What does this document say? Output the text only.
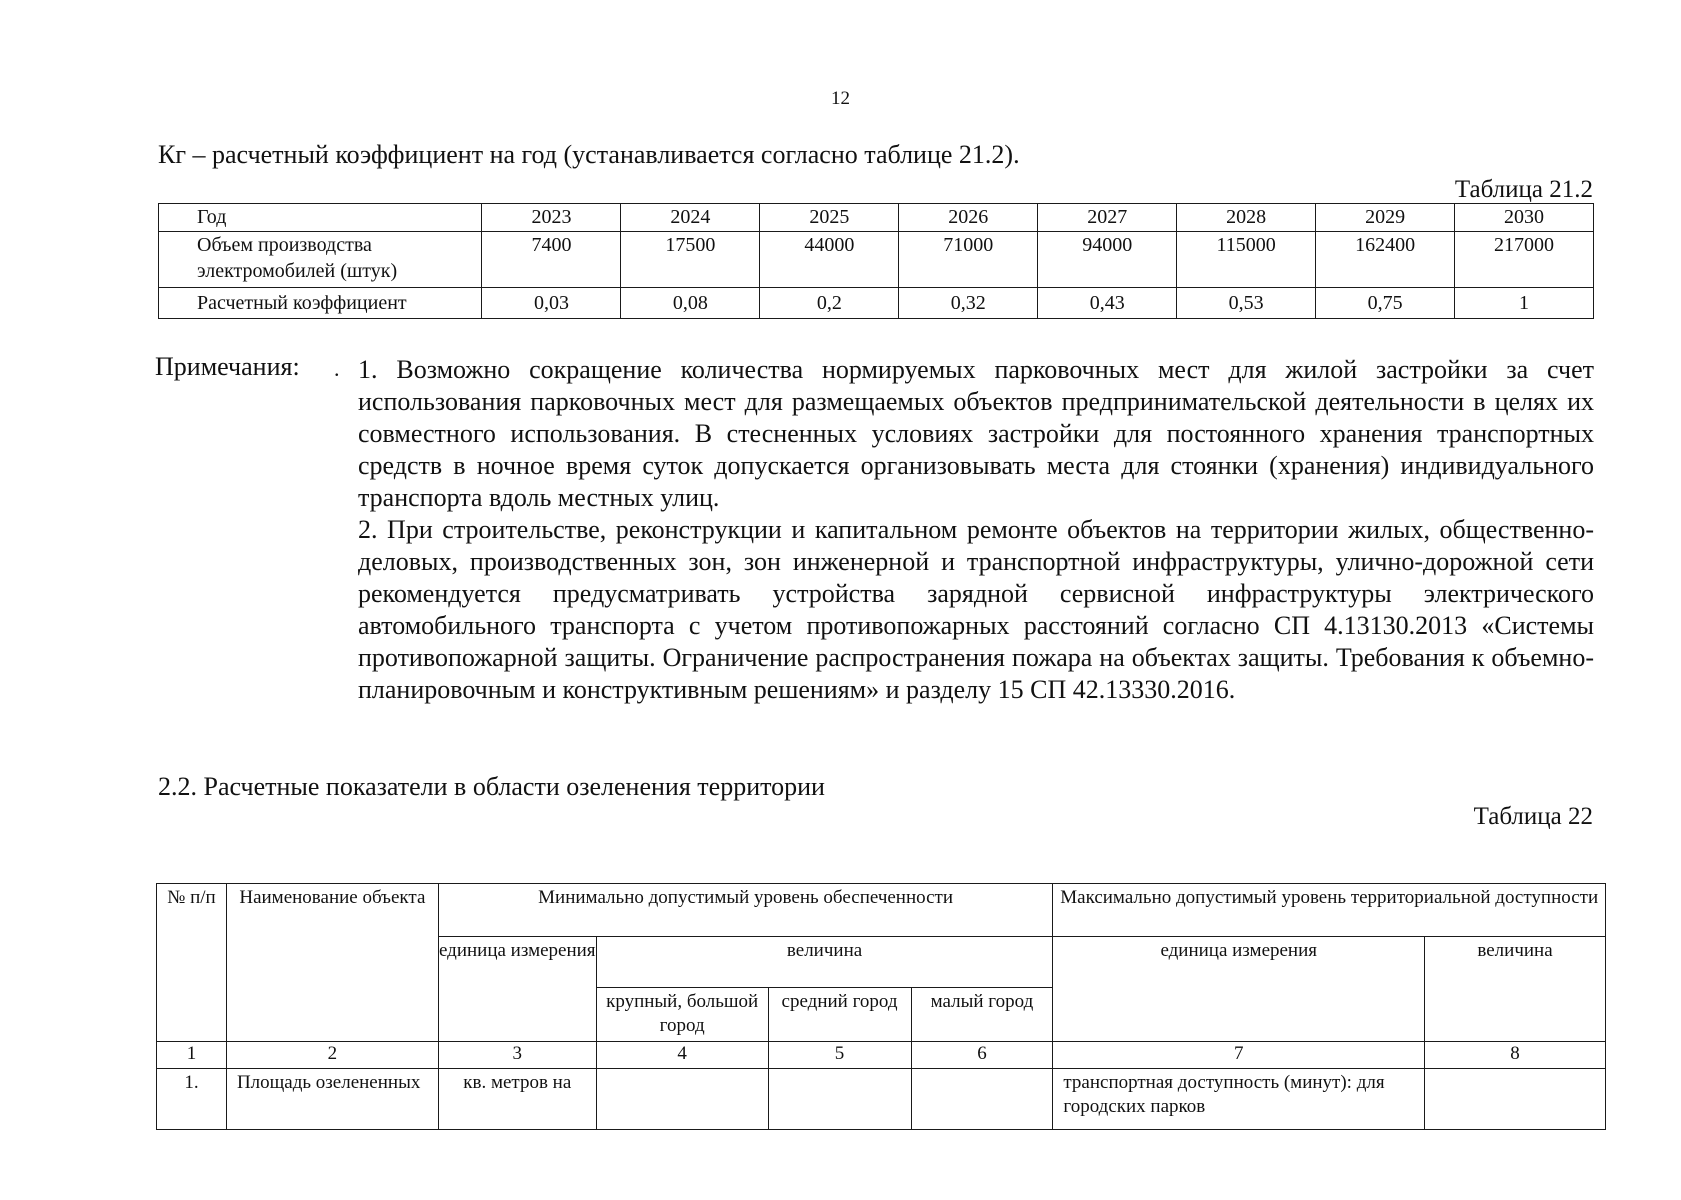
12
Кг – расчетный коэффициент на год (устанавливается согласно таблице 21.2).
Таблица 21.2
Год	2023	2024	2025	2026	2027	2028	2029	2030
Объем производства электромобилей (штук)	7400	17500	44000	71000	94000	115000	162400	217000
Расчетный коэффициент	0,03	0,08	0,2	0,32	0,43	0,53	0,75	1
Примечания: . 1. Возможно сокращение количества нормируемых парковочных мест для жилой застройки за счет использования парковочных мест для размещаемых объектов предпринимательской деятельности в целях их совместного использования. В стесненных условиях застройки для постоянного хранения транспортных средств в ночное время суток допускается организовывать места для стоянки (хранения) индивидуального транспорта вдоль местных улиц.

2. При строительстве, реконструкции и капитальном ремонте объектов на территории жилых, общественно-деловых, производственных зон, зон инженерной и транспортной инфраструктуры, улично-дорожной сети рекомендуется предусматривать устройства зарядной сервисной инфраструктуры электрического автомобильного транспорта с учетом противопожарных расстояний согласно СП 4.13130.2013 «Системы противопожарной защиты. Ограничение распространения пожара на объектах защиты. Требования к объемно-планировочным и конструктивным решениям» и разделу 15 СП 42.13330.2016.

2.2. Расчетные показатели в области озеленения территории
Таблица 22
№ п/п	Наименование объекта	Минимально допустимый уровень обеспеченности				Максимально допустимый уровень территориальной доступности	
		единица измерения	величина			единица измерения	величина
			крупный, большой город	средний город	малый город		
1	2	3	4	5	6	7	8
1.	Площадь озелененных	кв. метров на				транспортная доступность (минут): для городских парков	
